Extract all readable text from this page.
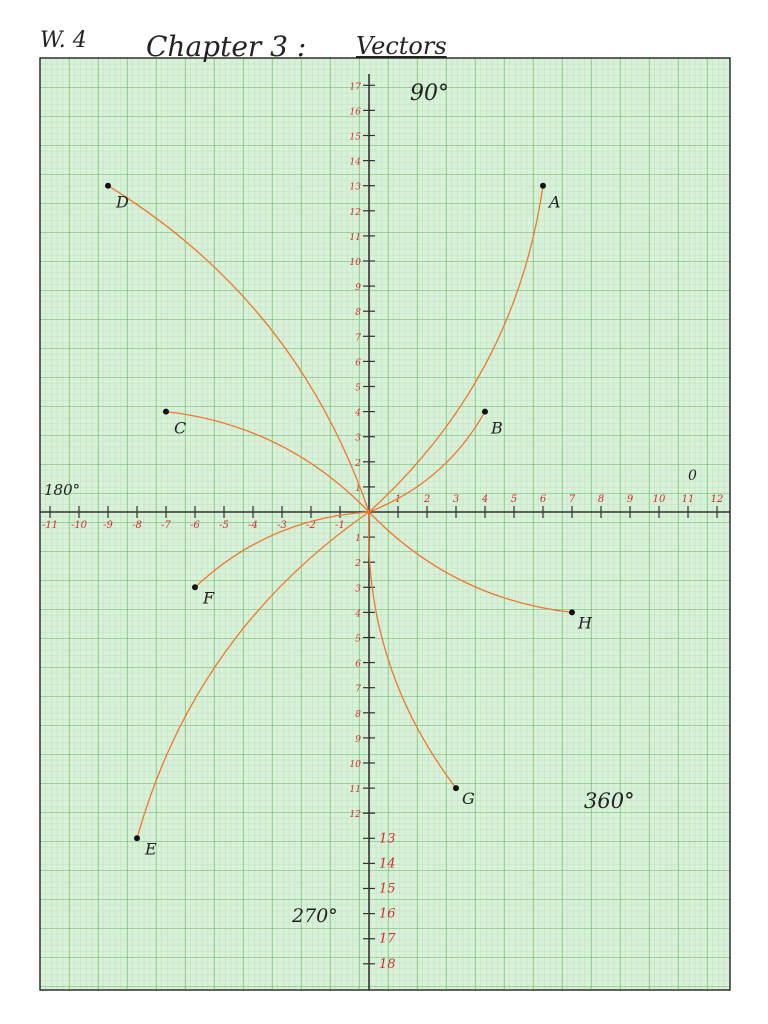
-11 -10 -9 -8 -7 -6 -5 -4 -3 -2 -1
1 2 3 4 5 6 7 8 9 10 11 12
17
16
15
14
13
12
11
10
9
8
7
6
5
4
3
2
1
1
2
3
4
5
6
7
8
9
10
11
12
13
14
15
16
17
18
A
B
C
D
E
F
G
H
90°
180°
0
270°
360°
W. 4 Chapter 3 : Vectors
